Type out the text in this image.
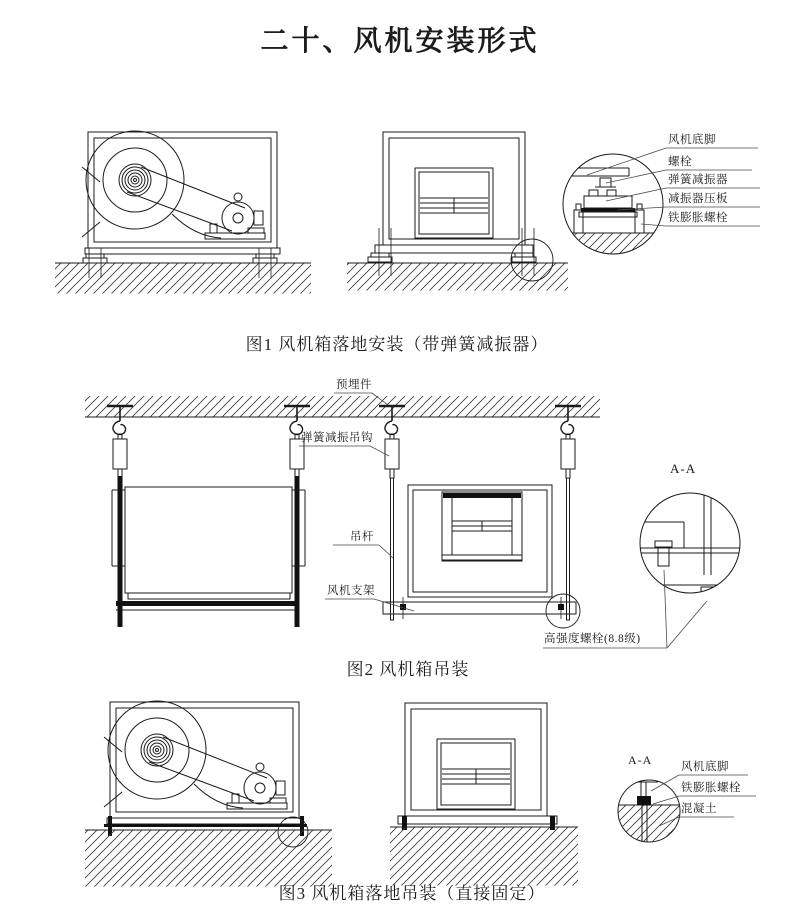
二十、风机安装形式
风机底脚
螺栓
弹簧减振器
减振器压板
铁膨胀螺栓
图1 风机箱落地安装（带弹簧减振器）
预埋件
弹簧减振吊钩
吊杆
风机支架
A-A
高强度螺栓(8.8级)
图2 风机箱吊装
A-A 风机底脚
铁膨胀螺栓
混凝土
图3 风机箱落地吊装（直接固定）
